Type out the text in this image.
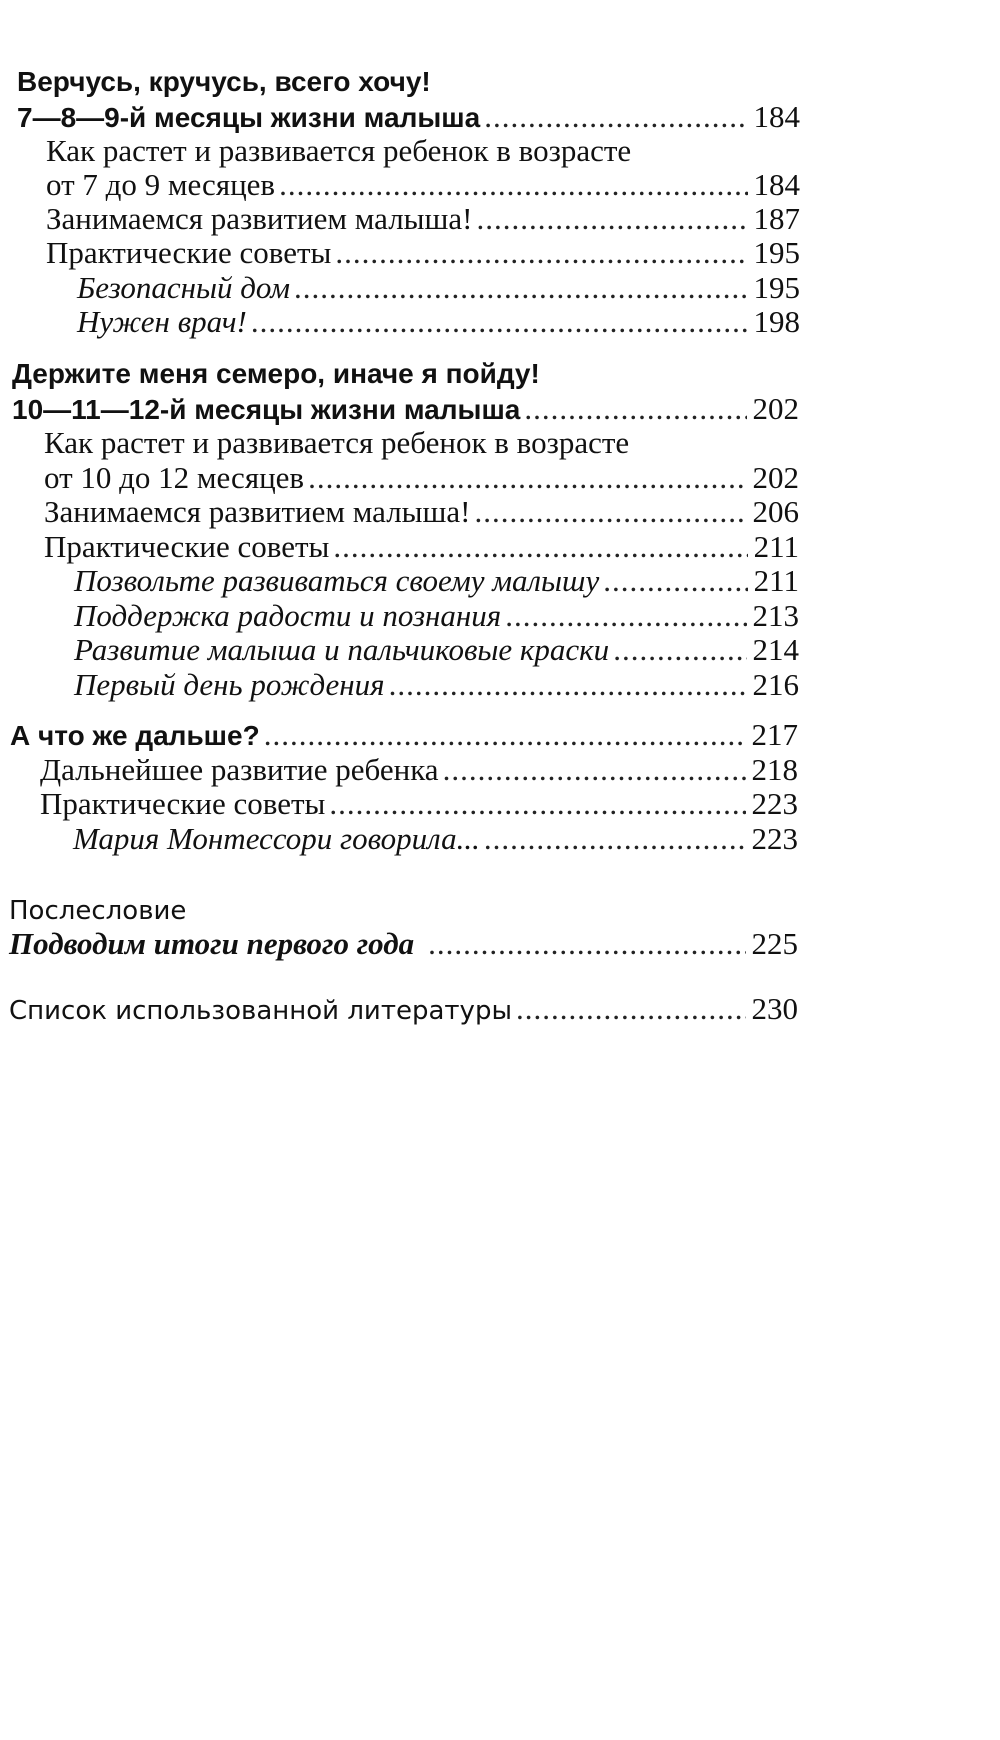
Верчусь, кручусь, всего хочу!
7—8—9-й месяцы жизни малыша .....	184
Как растет и развивается ребенок в возрасте
от 7 до 9 месяцев .....	184
Занимаемся развитием малыша! .....	187
Практические советы .....	195
Безопасный дом .....	195
Нужен врач! .....	198
Держите меня семеро, иначе я пойду!
10—11—12-й месяцы жизни малыша .....	202
Как растет и развивается ребенок в возрасте
от 10 до 12 месяцев .....	202
Занимаемся развитием малыша! .....	206
Практические советы .....	211
Позвольте развиваться своему малышу .....	211
Поддержка радости и познания .....	213
Развитие малыша и пальчиковые краски .....	214
Первый день рождения .....	216
А что же дальше? .....	217
Дальнейшее развитие ребенка .....	218
Практические советы .....	223
Мария Монтессори говорила... .....	223
Послесловие
Подводим итоги первого года .....	225
Список использованной литературы .....	230
